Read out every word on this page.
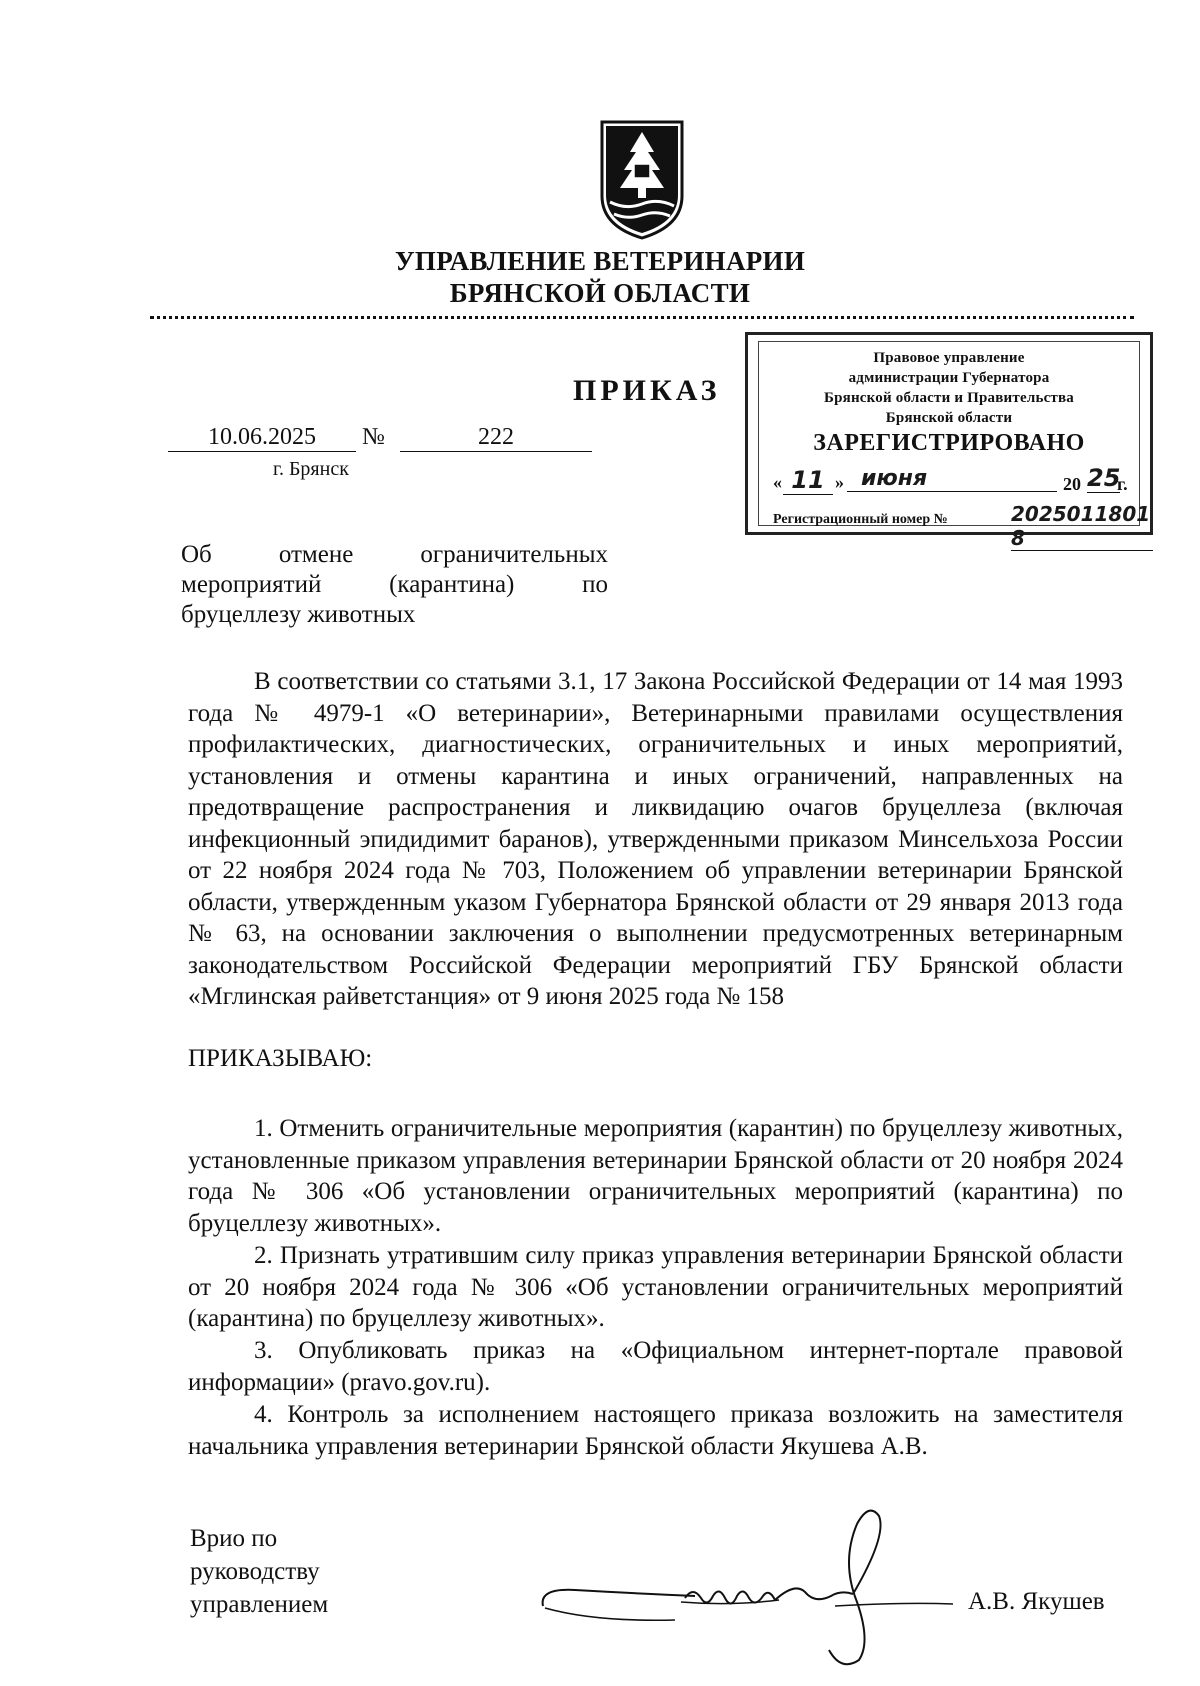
УПРАВЛЕНИЕ ВЕТЕРИНАРИИ
БРЯНСКОЙ ОБЛАСТИ
Правовое управление
администрации Губернатора
Брянской области и Правительства
Брянской области
ЗАРЕГИСТРИРОВАНО
« 11 » июня	20 25
г.
Регистрационный номер №	2025011801 8
ПРИКАЗ
10.06.2025	№	222
г. Брянск
Об отмене ограничительных мероприятий (карантина) по бруцеллезу животных
В соответствии со статьями 3.1, 17 Закона Российской Федерации от 14 мая 1993 года № 4979-1 «О ветеринарии», Ветеринарными правилами осуществления профилактических, диагностических, ограничительных и иных мероприятий, установления и отмены карантина и иных ограничений, направленных на предотвращение распространения и ликвидацию очагов бруцеллеза (включая инфекционный эпидидимит баранов), утвержденными приказом Минсельхоза России от 22 ноября 2024 года № 703, Положением об управлении ветеринарии Брянской области, утвержденным указом Губернатора Брянской области от 29 января 2013 года № 63, на основании заключения о выполнении предусмотренных ветеринарным законодательством Российской Федерации мероприятий ГБУ Брянской области «Мглинская райветстанция» от 9 июня 2025 года № 158
ПРИКАЗЫВАЮ:
1. Отменить ограничительные мероприятия (карантин) по бруцеллезу животных, установленные приказом управления ветеринарии Брянской области от 20 ноября 2024 года № 306 «Об установлении ограничительных мероприятий (карантина) по бруцеллезу животных».
2. Признать утратившим силу приказ управления ветеринарии Брянской области от 20 ноября 2024 года № 306 «Об установлении ограничительных мероприятий (карантина) по бруцеллезу животных».
3. Опубликовать приказ на «Официальном интернет-портале правовой информации» (pravo.gov.ru).
4. Контроль за исполнением настоящего приказа возложить на заместителя начальника управления ветеринарии Брянской области Якушева А.В.
Врио по
руководству
управлением	А.В. Якушев
